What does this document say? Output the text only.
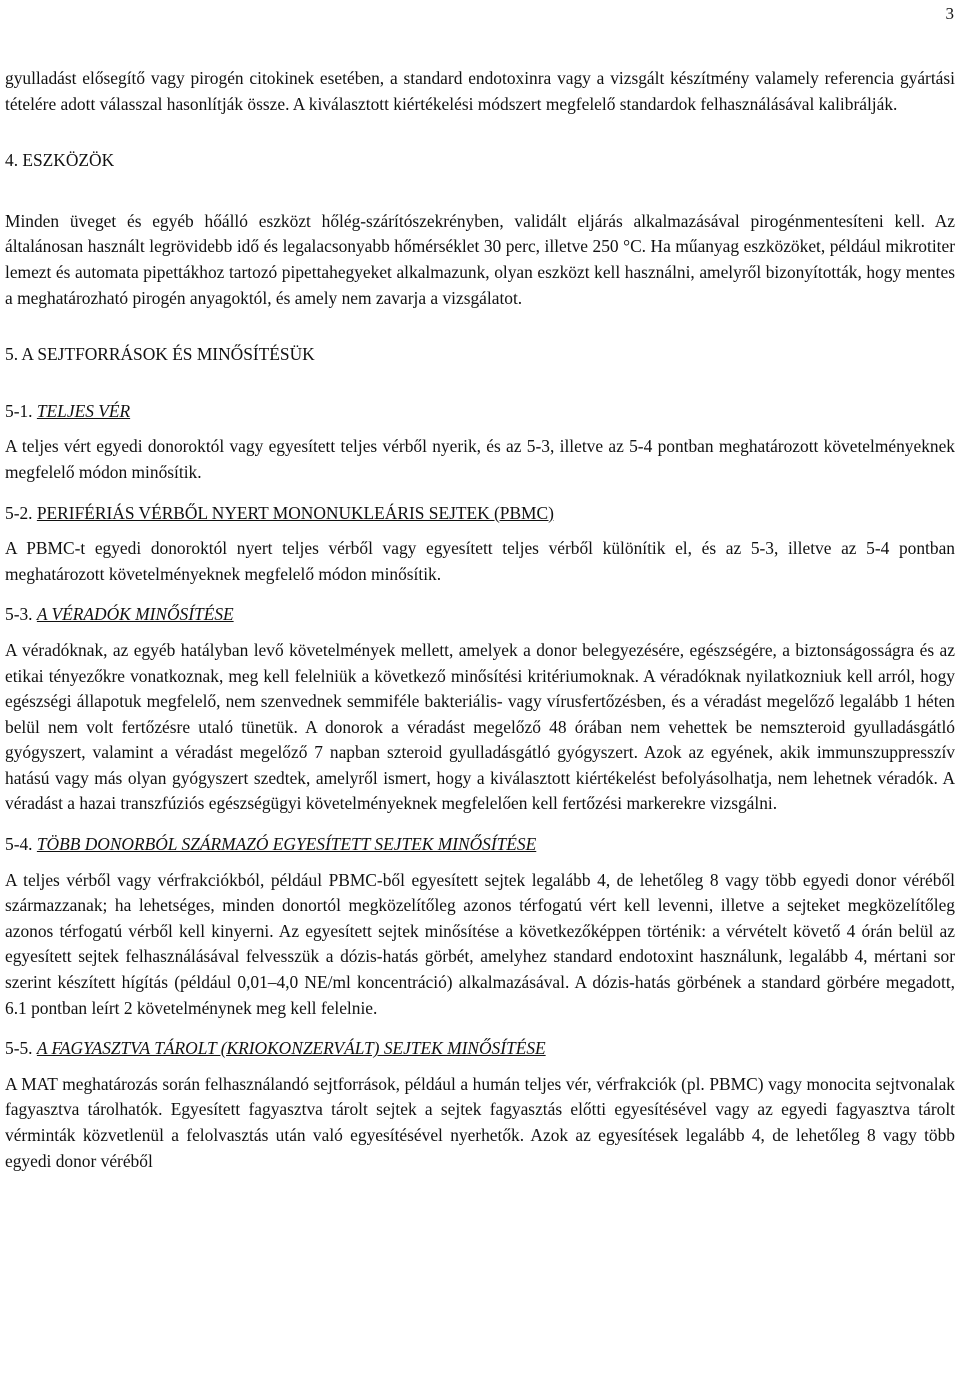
3

gyulladást elősegítő vagy pirogén citokinek esetében, a standard endotoxinra vagy a vizsgált készítmény valamely referencia gyártási tételére adott válasszal hasonlítják össze. A kiválasztott kiértékelési módszert megfelelő standardok felhasználásával kalibrálják.

4. ESZKÖZÖK

Minden üveget és egyéb hőálló eszközt hőlég-szárítószekrényben, validált eljárás alkalmazásával pirogénmentesíteni kell. Az általánosan használt legrövidebb idő és legalacsonyabb hőmérséklet 30 perc, illetve 250 °C. Ha műanyag eszközöket, például mikrotiter lemezt és automata pipettákhoz tartozó pipettahegyeket alkalmazunk, olyan eszközt kell használni, amelyről bizonyították, hogy mentes a meghatározható pirogén anyagoktól, és amely nem zavarja a vizsgálatot.

5. A SEJTFORRÁSOK ÉS MINŐSÍTÉSÜK
5-1. TELJES VÉR

A teljes vért egyedi donoroktól vagy egyesített teljes vérből nyerik, és az 5-3, illetve az 5-4 pontban meghatározott követelményeknek megfelelő módon minősítik.

5-2. PERIFÉRIÁS VÉRBŐL NYERT MONONUKLEÁRIS SEJTEK (PBMC)

A PBMC-t egyedi donoroktól nyert teljes vérből vagy egyesített teljes vérből különítik el, és az 5-3, illetve az 5-4 pontban meghatározott követelményeknek megfelelő módon minősítik.

5-3. A VÉRADÓK MINŐSÍTÉSE

A véradóknak, az egyéb hatályban levő követelmények mellett, amelyek a donor belegyezésére, egészségére, a biztonságosságra és az etikai tényezőkre vonatkoznak, meg kell felelniük a következő minősítési kritériumoknak. A véradóknak nyilatkozniuk kell arról, hogy egészségi állapotuk megfelelő, nem szenvednek semmiféle bakteriális- vagy vírusfertőzésben, és a véradást megelőző legalább 1 héten belül nem volt fertőzésre utaló tünetük. A donorok a véradást megelőző 48 órában nem vehettek be nemszteroid gyulladásgátló gyógyszert, valamint a véradást megelőző 7 napban szteroid gyulladásgátló gyógyszert. Azok az egyének, akik immunszuppresszív hatású vagy más olyan gyógyszert szedtek, amelyről ismert, hogy a kiválasztott kiértékelést befolyásolhatja, nem lehetnek véradók. A véradást a hazai transzfúziós egészségügyi követelményeknek megfelelően kell fertőzési markerekre vizsgálni.

5-4. TÖBB DONORBÓL SZÁRMAZÓ EGYESÍTETT SEJTEK MINŐSÍTÉSE

A teljes vérből vagy vérfrakciókból, például PBMC-ből egyesített sejtek legalább 4, de lehetőleg 8 vagy több egyedi donor véréből származzanak; ha lehetséges, minden donortól megközelítőleg azonos térfogatú vért kell levenni, illetve a sejteket megközelítőleg azonos térfogatú vérből kell kinyerni. Az egyesített sejtek minősítése a következőképpen történik: a vérvételt követő 4 órán belül az egyesített sejtek felhasználásával felvesszük a dózis-hatás görbét, amelyhez standard endotoxint használunk, legalább 4, mértani sor szerint készített hígítás (például 0,01–4,0 NE/ml koncentráció) alkalmazásával. A dózis-hatás görbének a standard görbére megadott, 6.1 pontban leírt 2 követelménynek meg kell felelnie.

5-5. A FAGYASZTVA TÁROLT (KRIOKONZERVÁLT) SEJTEK MINŐSÍTÉSE

A MAT meghatározás során felhasználandó sejtforrások, például a humán teljes vér, vérfrakciók (pl. PBMC) vagy monocita sejtvonalak fagyasztva tárolhatók. Egyesített fagyasztva tárolt sejtek a sejtek fagyasztás előtti egyesítésével vagy az egyedi fagyasztva tárolt vérminták közvetlenül a felolvasztás után való egyesítésével nyerhetők. Azok az egyesítések legalább 4, de lehetőleg 8 vagy több egyedi donor véréből
